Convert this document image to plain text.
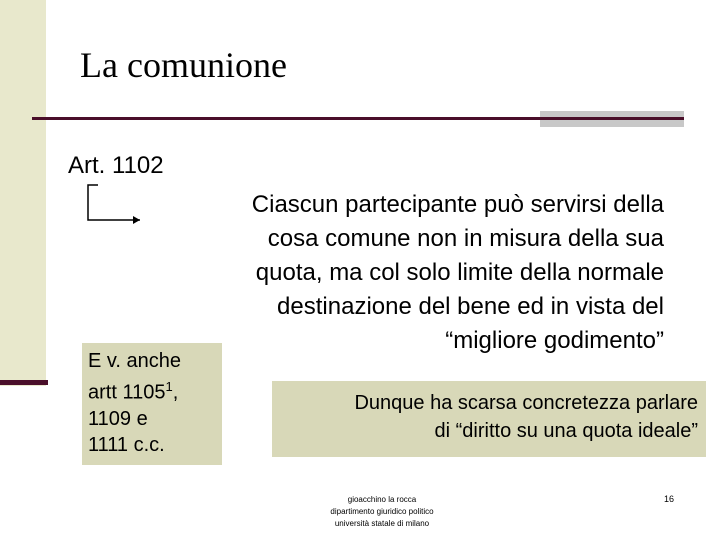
La comunione
Art. 1102
Ciascun partecipante può servirsi della
cosa comune non in misura della sua
quota, ma col solo limite della normale
destinazione del bene ed in vista del
“migliore godimento”
E v. anche
artt 1105$^1$,
1109 e
1111 c.c.
Dunque ha scarsa concretezza parlare
di “diritto su una quota ideale”
gioacchino la rocca
dipartimento giuridico politico
università statale di milano
16
